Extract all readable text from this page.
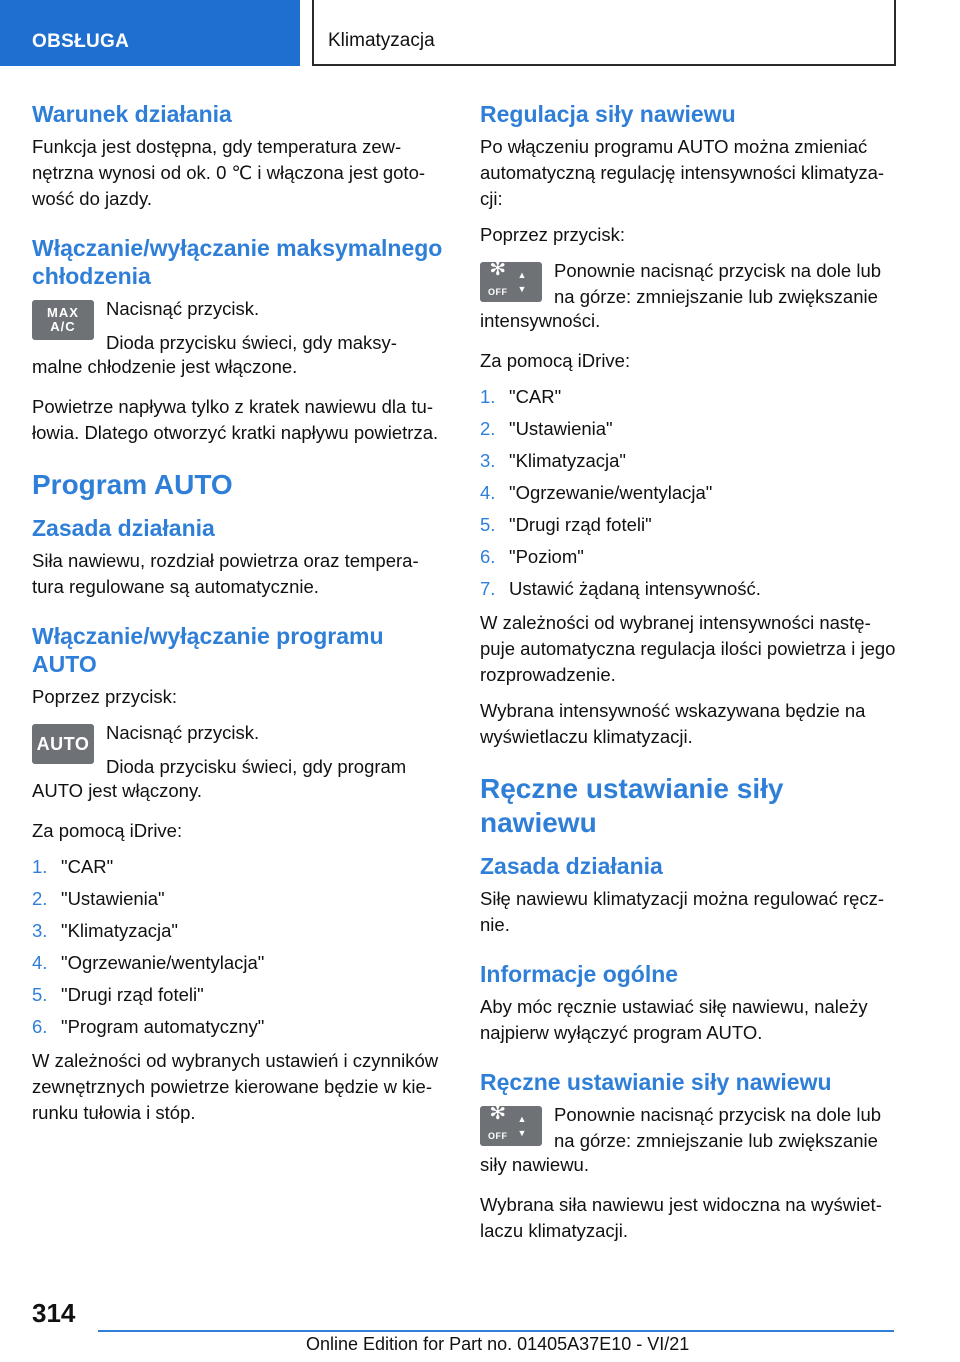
OBSŁUGA	Klimatyzacja
Warunek działania

Funkcja jest dostępna, gdy temperatura zew-nętrzna wynosi od ok. 0 ℃ i włączona jest goto-wość do jazdy.

Włączanie/wyłączanie maksymalnego chłodzenia
MAX
A/C

Nacisnąć przycisk.

Dioda przycisku świeci, gdy maksy-

malne chłodzenie jest włączone.

Powietrze napływa tylko z kratek nawiewu dla tu-łowia. Dlatego otworzyć kratki napływu powietrza.

Program AUTO
Zasada działania

Siła nawiewu, rozdział powietrza oraz tempera-tura regulowane są automatycznie.

Włączanie/wyłączanie programu AUTO

Poprzez przycisk:

AUTO

Nacisnąć przycisk.

Dioda przycisku świeci, gdy program

AUTO jest włączony.

Za pomocą iDrive:

1. "CAR"
2. "Ustawienia"
3. "Klimatyzacja"
4. "Ogrzewanie/wentylacja"
5. "Drugi rząd foteli"
6. "Program automatyczny"

W zależności od wybranych ustawień i czynników zewnętrznych powietrze kierowane będzie w kie-runku tułowia i stóp.

Regulacja siły nawiewu

Po włączeniu programu AUTO można zmieniać automatyczną regulację intensywności klimatyza-cji:

Poprzez przycisk:

✻
OFF
▲
▼

Ponownie nacisnąć przycisk na dole lub na górze: zmniejszanie lub zwiększanie

intensywności.

Za pomocą iDrive:

1. "CAR"
2. "Ustawienia"
3. "Klimatyzacja"
4. "Ogrzewanie/wentylacja"
5. "Drugi rząd foteli"
6. "Poziom"
7. Ustawić żądaną intensywność.

W zależności od wybranej intensywności nastę-puje automatyczna regulacja ilości powietrza i jego rozprowadzenie.

Wybrana intensywność wskazywana będzie na wyświetlaczu klimatyzacji.

Ręczne ustawianie siły nawiewu
Zasada działania

Siłę nawiewu klimatyzacji można regulować ręcz-nie.

Informacje ogólne

Aby móc ręcznie ustawiać siłę nawiewu, należy najpierw wyłączyć program AUTO.

Ręczne ustawianie siły nawiewu
✻
OFF
▲
▼

Ponownie nacisnąć przycisk na dole lub na górze: zmniejszanie lub zwiększanie

siły nawiewu.

Wybrana siła nawiewu jest widoczna na wyświet-laczu klimatyzacji.

314
Online Edition for Part no. 01405A37E10 - VI/21
